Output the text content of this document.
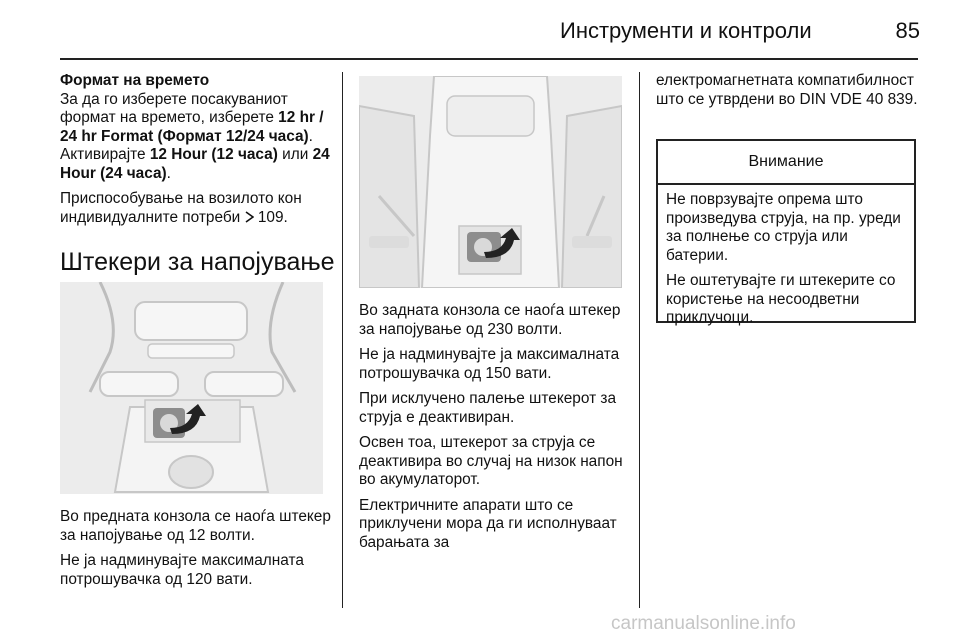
Инструменти и контроли	85

Формат на времето
За да го изберете посакуваниот формат на времето, изберете 12 hr / 24 hr Format (Формат 12/24 часа). Активирајте 12 Hour (12 часа) или 24 Hour (24 часа).

Приспособување на возилото кон индивидуалните потреби 109.

Штекери за напојување

Во предната конзола се наоѓа штекер за напојување од 12 волти.

Не ја надминувајте максималната потрошувачка од 120 вати.

Во задната конзола се наоѓа штекер за напојување од 230 волти.

Не ја надминувајте ја максималната потрошувачка од 150 вати.

При исклучено палење штекерот за струја е деактивиран.

Освен тоа, штекерот за струја се деактивира во случај на низок напон во акумулаторот.

Електричните апарати што се приклучени мора да ги исполнуваат барањата за

електромагнетната компатибилност што се утврдени во DIN VDE 40 839.

Внимание

Не поврзувајте опрема што произведува струја, на пр. уреди за полнење со струја или батерии.

Не оштетувајте ги штекерите со користење на несоодветни приклучоци.

carmanualsonline.info
